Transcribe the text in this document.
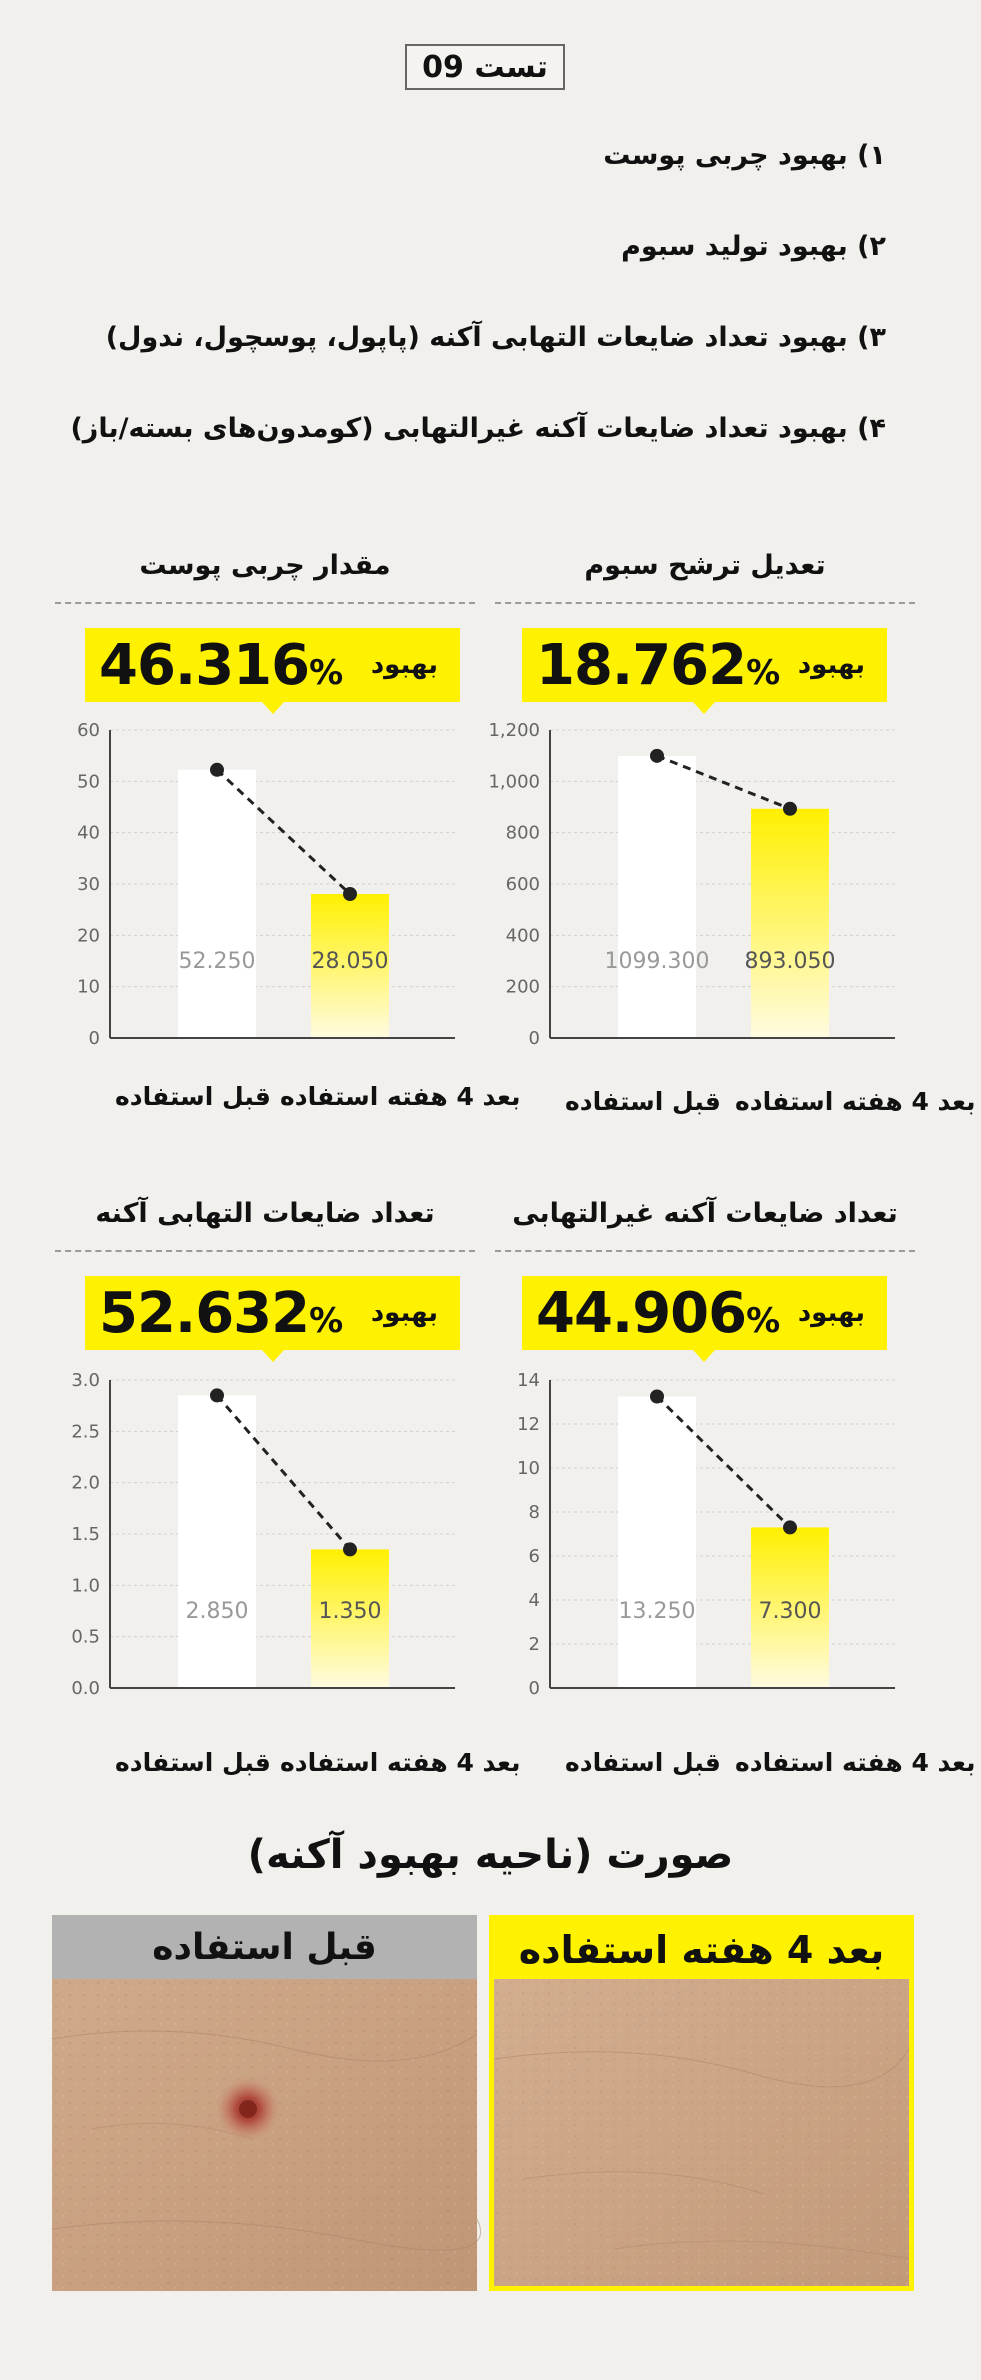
09 تست
۱) بهبود چربی پوست
۲) بهبود تولید سبوم
۳) بهبود تعداد ضایعات التهابی آکنه (پاپول، پوسچول، ندول)
۴) بهبود تعداد ضایعات آکنه غیرالتهابی (کومدون‌های بسته/باز)
مقدار چربی پوست
46.316% بهبود
0
10
20
30
40
50
60
52.250	28.050
قبل استفاده بعد 4 هفته استفاده
تعدیل ترشح سبوم
18.762% بهبود
0
200
400
600
800
1,000
1,200
1099.300 893.050
قبل استفاده بعد 4 هفته استفاده
تعداد ضایعات التهابی آکنه
52.632% بهبود
0.0
0.5
1.0
1.5
2.0
2.5
3.0
2.850	1.350
قبل استفاده بعد 4 هفته استفاده
تعداد ضایعات آکنه غیرالتهابی
44.906% بهبود
0
2
4
6
8
10
12
14
13.250	7.300
قبل استفاده بعد 4 هفته استفاده
صورت (ناحیه بهبود آکنه)
قبل استفاده	بعد 4 هفته استفاده
